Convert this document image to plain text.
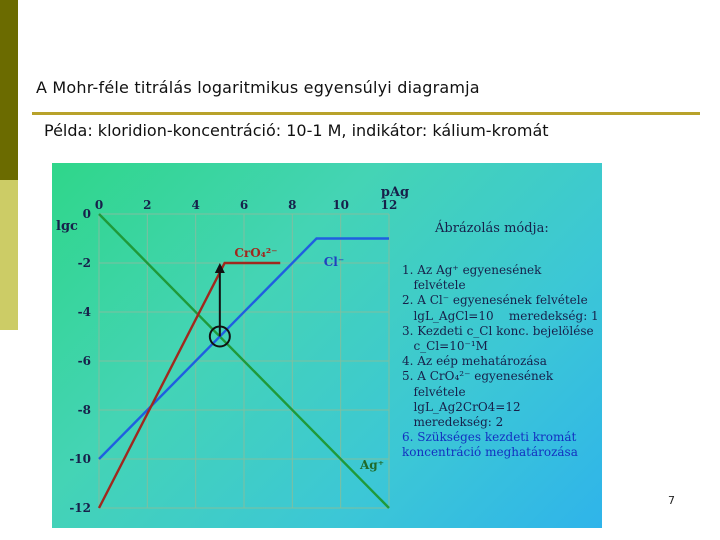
A Mohr-féle titrálás logaritmikus egyensúlyi diagramja
Példa: kloridion-koncentráció: 10-1 M, indikátor: kálium-kromát
CrO₄²⁻
Cl⁻
Ag⁺
0	2	4	6	8	10	12
0
-2
-4
-6
-8
-10
-12
pAg
lgc	Ábrázolás módja:
1. Az Ag⁺ egyenesének
felvétele
2. A Cl⁻ egyenesének felvétele
lgL_AgCl=10    meredekség: 1
3. Kezdeti c_Cl konc. bejelölése
c_Cl=10⁻¹M
4. Az eép mehatározása
5. A CrO₄²⁻ egyenesének
felvétele
lgL_Ag2CrO4=12
meredekség: 2
6. Szükséges kezdeti kromát
koncentráció meghatározása
7
